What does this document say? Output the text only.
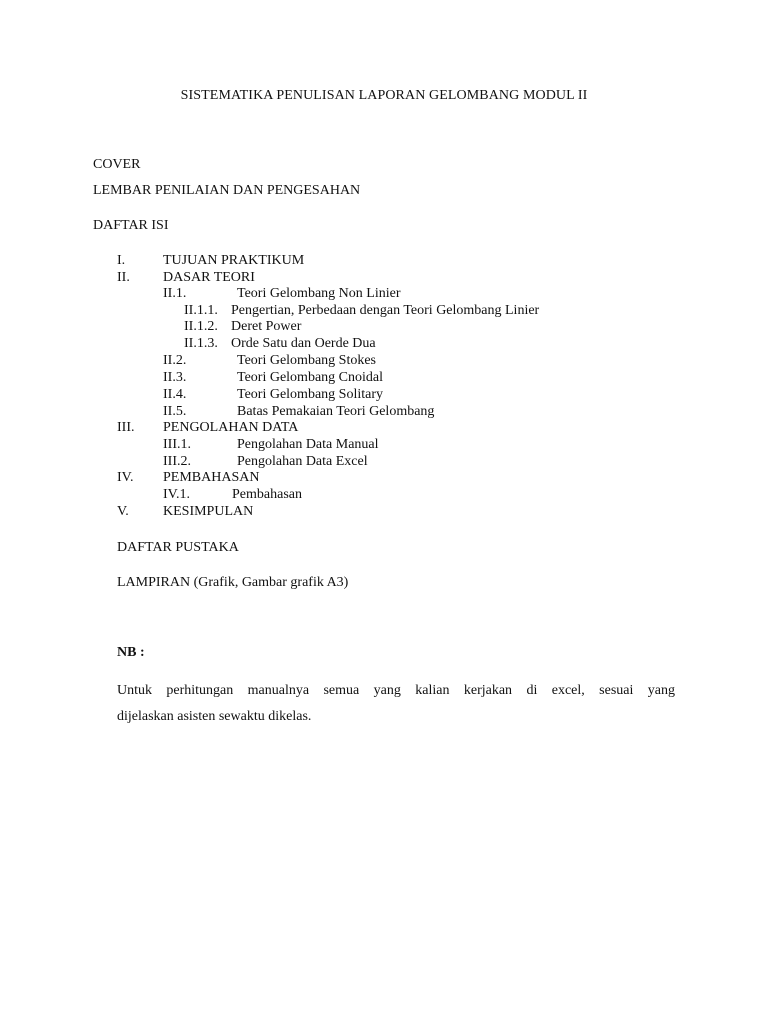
SISTEMATIKA PENULISAN LAPORAN GELOMBANG MODUL II
COVER
LEMBAR PENILAIAN DAN PENGESAHAN
DAFTAR ISI
I.	TUJUAN PRAKTIKUM
II. DASAR TEORI
II.1.	Teori Gelombang Non Linier
II.1.1. Pengertian, Perbedaan dengan Teori Gelombang Linier
II.1.2. Deret Power
II.1.3. Orde Satu dan Oerde Dua
II.2.	Teori Gelombang Stokes
II.3.	Teori Gelombang Cnoidal
II.4.	Teori Gelombang Solitary
II.5.	Batas Pemakaian Teori Gelombang
III. PENGOLAHAN DATA
III.1.	Pengolahan Data Manual
III.2.	Pengolahan Data Excel
IV. PEMBAHASAN
IV.1.	Pembahasan
V. KESIMPULAN
DAFTAR PUSTAKA
LAMPIRAN (Grafik, Gambar grafik A3)
NB :
Untuk perhitungan manualnya semua yang kalian kerjakan di excel, sesuai yang
dijelaskan asisten sewaktu dikelas.
